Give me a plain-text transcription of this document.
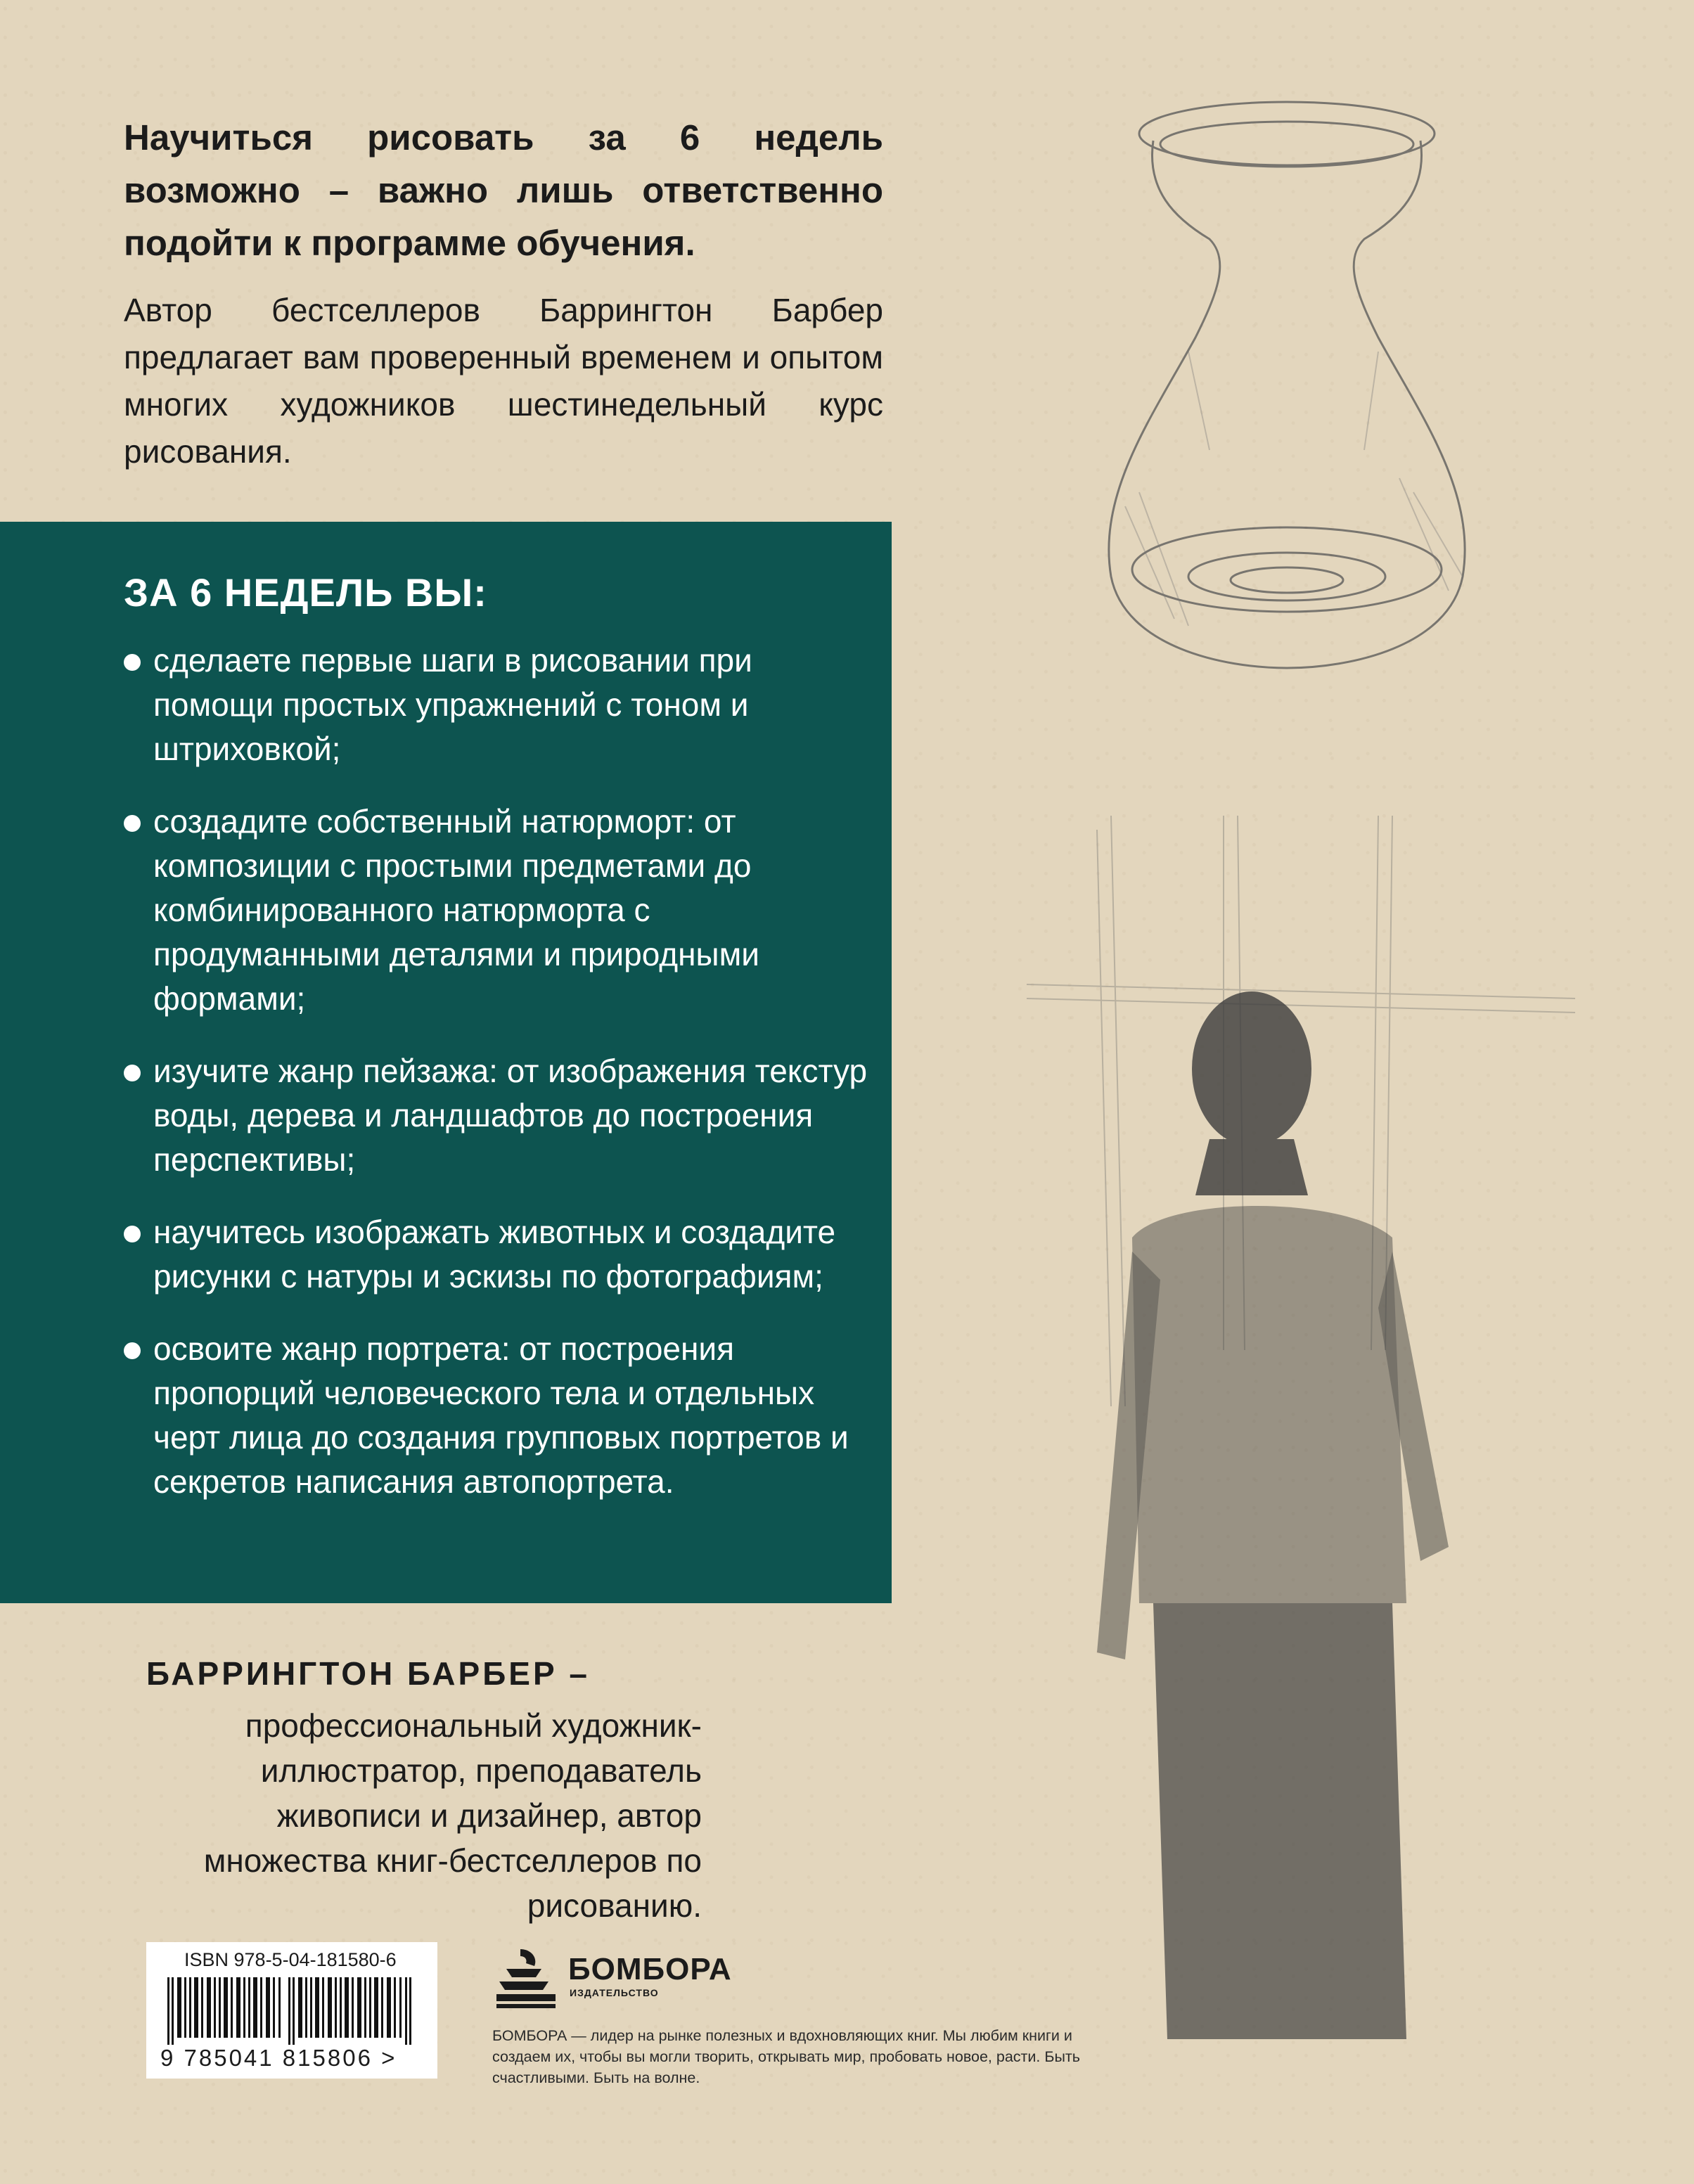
Научиться рисовать за 6 недель возможно – важно лишь ответственно подойти к программе обучения.

Автор бестселлеров Баррингтон Барбер предлагает вам проверенный временем и опытом многих художников шестинедельный курс рисования.

ЗА 6 НЕДЕЛЬ ВЫ:
сделаете первые шаги в рисовании при помощи простых упражнений с тоном и штриховкой;
создадите собственный натюрморт: от композиции с простыми предметами до комбинированного натюрморта с продуманными деталями и природными формами;
изучите жанр пейзажа: от изображения текстур воды, дерева и ландшафтов до построения перспективы;
научитесь изображать животных и создадите рисунки с натуры и эскизы по фотографиям;
освоите жанр портрета: от построения пропорций человеческого тела и отдельных черт лица до создания групповых портретов и секретов написания автопортрета.
БАРРИНГТОН БАРБЕР –

профессиональный художник-иллюстратор, преподаватель живописи и дизайнер, автор множества книг-бестселлеров по рисованию.

ISBN 978-5-04-181580-6
9 785041 815806 >
БОМБОРА
ИЗДАТЕЛЬСТВО

БОМБОРА — лидер на рынке полезных и вдохновляющих книг. Мы любим книги и создаем их, чтобы вы могли творить, открывать мир, пробовать новое, расти. Быть счастливыми. Быть на волне.
